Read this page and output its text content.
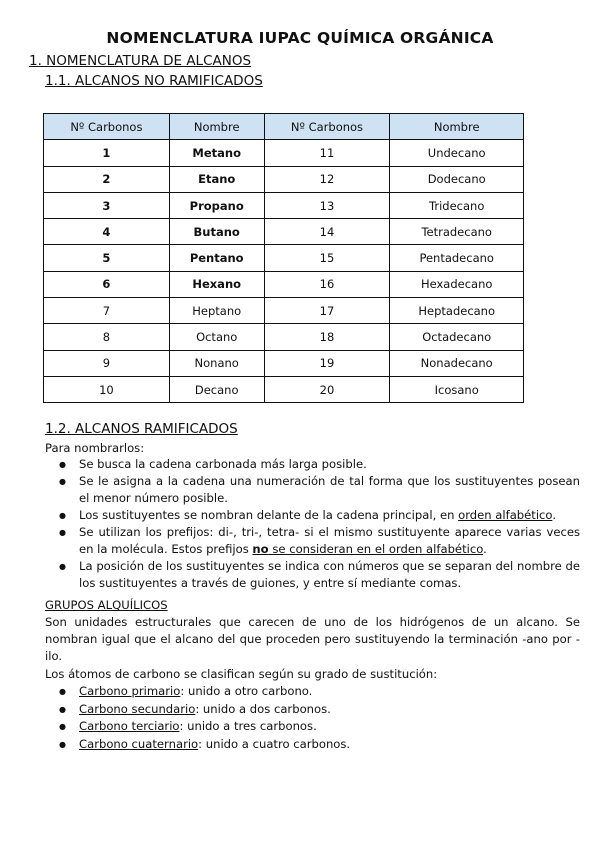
NOMENCLATURA IUPAC QUÍMICA ORGÁNICA
1. NOMENCLATURA DE ALCANOS
1.1. ALCANOS NO RAMIFICADOS
Nº Carbonos	Nombre	Nº Carbonos	Nombre
1	Metano	11	Undecano
2	Etano	12	Dodecano
3	Propano	13	Tridecano
4	Butano	14	Tetradecano
5	Pentano	15	Pentadecano
6	Hexano	16	Hexadecano
7	Heptano	17	Heptadecano
8	Octano	18	Octadecano
9	Nonano	19	Nonadecano
10	Decano	20	Icosano
1.2. ALCANOS RAMIFICADOS
Para nombrarlos:
● Se busca la cadena carbonada más larga posible.
● Se le asigna a la cadena una numeración de tal forma que los sustituyentes posean el menor número posible.
● Los sustituyentes se nombran delante de la cadena principal, en orden alfabético.
● Se utilizan los prefijos: di-, tri-, tetra- si el mismo sustituyente aparece varias veces en la molécula. Estos prefijos no se consideran en el orden alfabético.
● La posición de los sustituyentes se indica con números que se separan del nombre de los sustituyentes a través de guiones, y entre sí mediante comas.
GRUPOS ALQUÍLICOS
Son unidades estructurales que carecen de uno de los hidrógenos de un alcano. Se nombran igual que el alcano del que proceden pero sustituyendo la terminación -ano por -ilo.
Los átomos de carbono se clasifican según su grado de sustitución:
● Carbono primario: unido a otro carbono.
● Carbono secundario: unido a dos carbonos.
● Carbono terciario: unido a tres carbonos.
● Carbono cuaternario: unido a cuatro carbonos.
